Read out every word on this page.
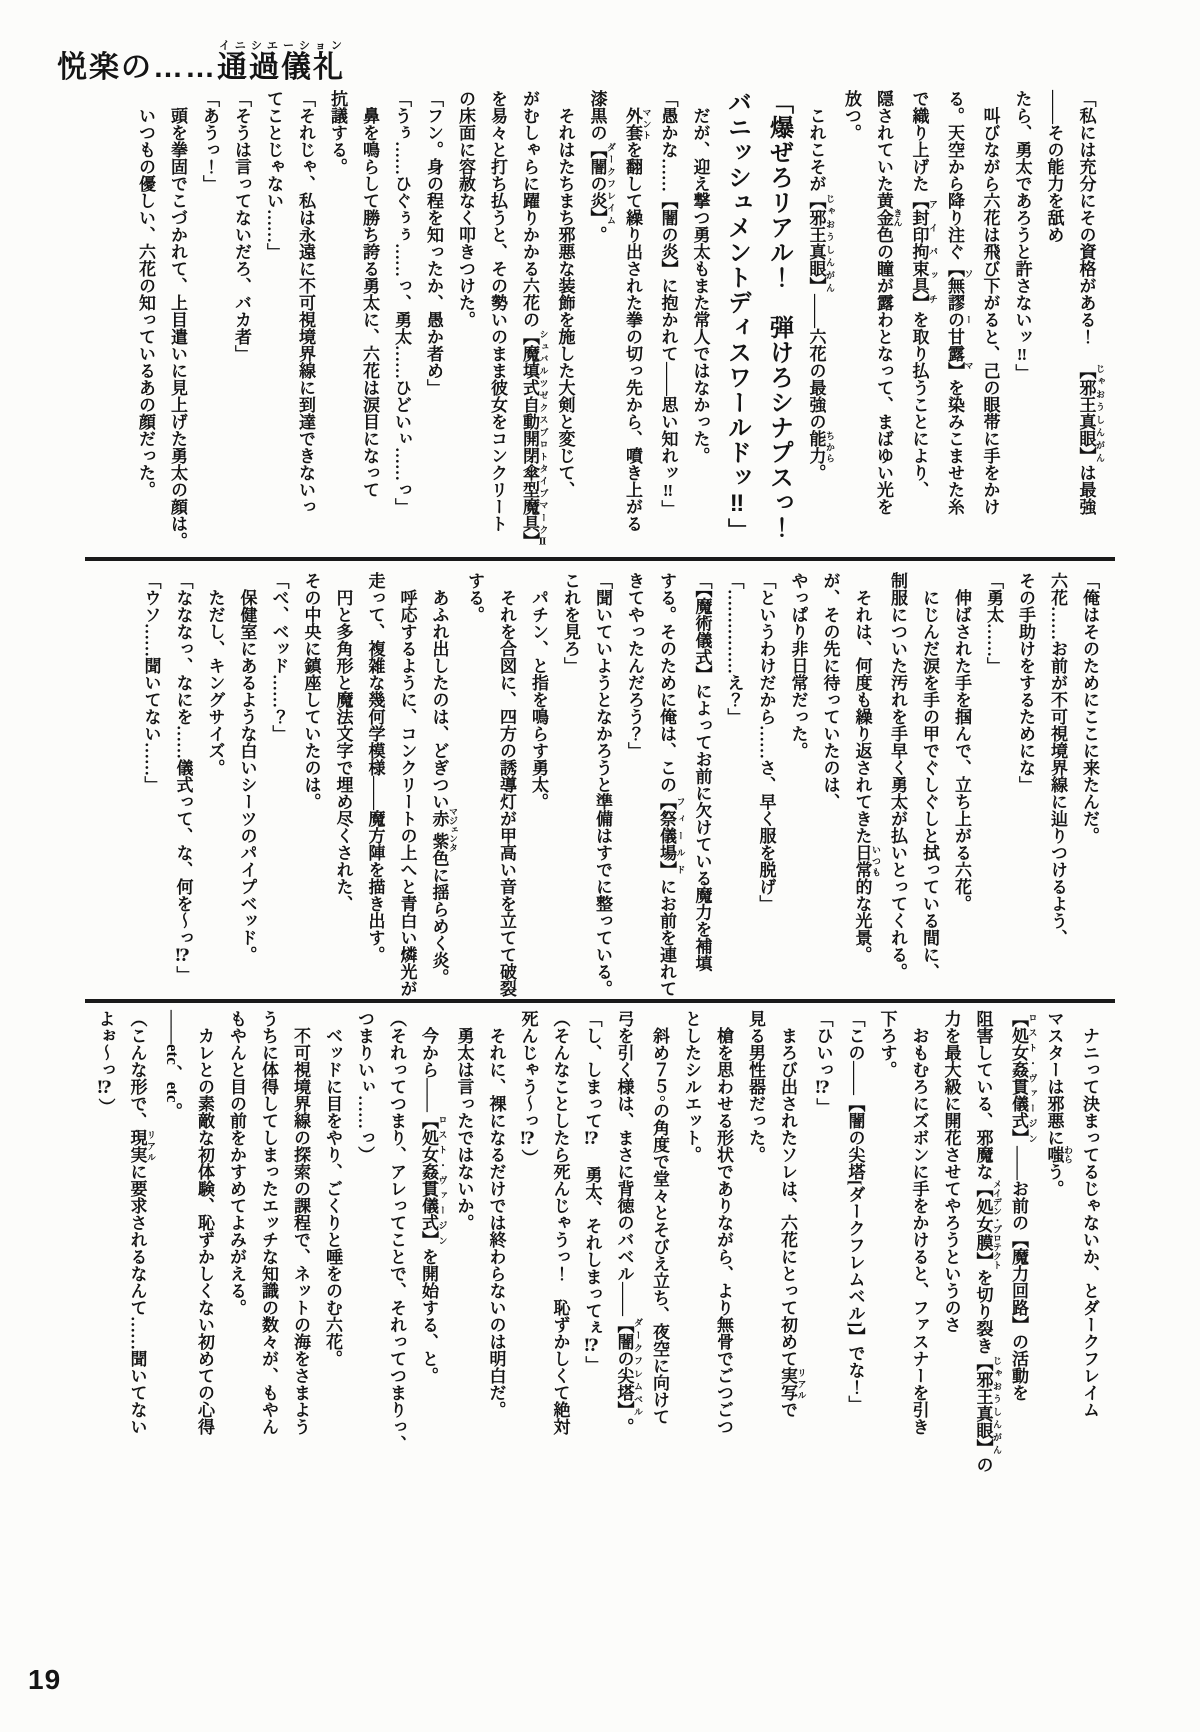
悦楽の……通過儀礼イニシエーション

「私には充分にその資格がある！　【邪王真眼】 じゃおうしんがんは最強

――その能力を舐め

たら、勇太であろうと許さないッ‼」

　叫びながら六花は飛び下がると、己の眼帯に手をかけ

る。天空から降り注ぐ【無謬の甘露】 ソーマを染みこませた糸

で織り上げた【封印拘束具】 アイパッチを取り払うことにより、

隠されていた黄金 きん色の瞳が露わとなって、まばゆい光を

放つ。

　これこそが【邪王真眼】 じゃおうしんがん――六花の最強の能力 ちから。

「爆ぜろリアル！　弾けろシナプスっ！

バニッシュメントディスワールドッ‼」

　だが、迎え撃つ勇太もまた常人ではなかった。

「愚かな……【闇の炎】に抱かれて――思い知れッ‼」

　外套 マントを翻して繰り出された拳の切っ先から、噴き上がる

漆黒の【闇の炎】 ダークフレイム。

　それはたちまち邪悪な装飾を施した大剣と変じて、

がむしゃらに躍りかかる六花の【魔填式自動開閉傘型魔具】 シュバルツゼクスプロトタイプマークⅡ

を易々と打ち払うと、その勢いのまま彼女をコンクリート

の床面に容赦なく叩きつけた。

「フン。身の程を知ったか、愚か者め」

「うぅ……ひぐぅぅ……っ、勇太……ひどいぃ……っ」

　鼻を鳴らして勝ち誇る勇太に、六花は涙目になって

抗議する。

「それじゃ、私は永遠に不可視境界線に到達できないっ

てことじゃない……」

「そうは言ってないだろ、バカ者」

「あうっ！」

　頭を拳固でこづかれて、上目遣いに見上げた勇太の顔は。

　いつもの優しい、六花の知っているあの顔だった。

「俺はそのためにここに来たんだ。

六花……お前が不可視境界線に辿りつけるよう、

その手助けをするためにな」

「勇太……」

　伸ばされた手を掴んで、立ち上がる六花。

　にじんだ涙を手の甲でぐしぐしと拭っている間に、

制服についた汚れを手早く勇太が払いとってくれる。

　それは、何度も繰り返されてきた日常 いつも的な光景。

が、その先に待っていたのは、

やっぱり非日常だった。

「というわけだから……さ、早く服を脱げ」

「……………え？」

「【魔術儀式】によってお前に欠けている魔力を補填

する。そのために俺は、この【祭儀場】 フィールドにお前を連れて

きてやったんだろう？」

「聞いていようとなかろうと準備はすでに整っている。

これを見ろ」

　パチン、と指を鳴らす勇太。

　それを合図に、四方の誘導灯が甲高い音を立てて破裂

する。

　あふれ出したのは、どぎつい赤紫 マジェンタ色に揺らめく炎。

　呼応するように、コンクリートの上へと青白い燐光が

走って、複雑な幾何学模様――魔方陣を描き出す。

　円と多角形と魔法文字で埋め尽くされた、

その中央に鎮座していたのは。

「べ、ベッド……？」

　保健室にあるような白いシーツのパイプベッド。

　ただし、キングサイズ。

「なななっ、なにを……儀式って、な、何を〜っ⁉」

「ウソ……聞いてない……」

　ナニって決まってるじゃないか、とダークフレイム

マスターは邪悪に嗤 わらう。

【処女姦貫儀式】 ロスト・ヴァージン――お前の【魔力回路】の活動を

阻害している、邪魔な【処女膜】 メイデン・プロテクトを切り裂き【邪王真眼】 じゃおうしんがんの

力を最大級に開花させてやろうというのさ

　おもむろにズボンに手をかけると、ファスナーを引き

下ろす。

「この――【闇の尖塔[ダークフレムベル]】でな！」

「ひいっ⁉」

　まろび出されたソレは、六花にとって初めて実写 リアルで

見る男性器だった。

　槍を思わせる形状でありながら、より無骨でごつごつ

としたシルエット。

　斜め７５°の角度で堂々とそびえ立ち、夜空に向けて

弓を引く様は、まさに背徳のバベル――【闇の尖塔】 ダークフレムベル。

「し、しまって⁉　勇太、それしまってぇ⁉」

（そんなことしたら死んじゃうっ！　恥ずかしくて絶対

死んじゃう〜っ⁉）

　それに、裸になるだけでは終わらないのは明白だ。

　勇太は言ったではないか。

　今から――【処女姦貫儀式】 ロスト・ヴァージンを開始する、と。

（それってつまり、アレってことで、それってつまりっ、

つまりいぃ……っ）

　ベッドに目をやり、ごくりと唾をのむ六花。

　不可視境界線の探索の課程で、ネットの海をさまよう

うちに体得してしまったエッチな知識の数々が、もやん

もやんと目の前をかすめてよみがえる。

　カレとの素敵な初体験、恥ずかしくない初めての心得

――etc、etc。

（こんな形で、現実 リアルに要求されるなんて……聞いてない

よぉ〜っ⁉）

19
